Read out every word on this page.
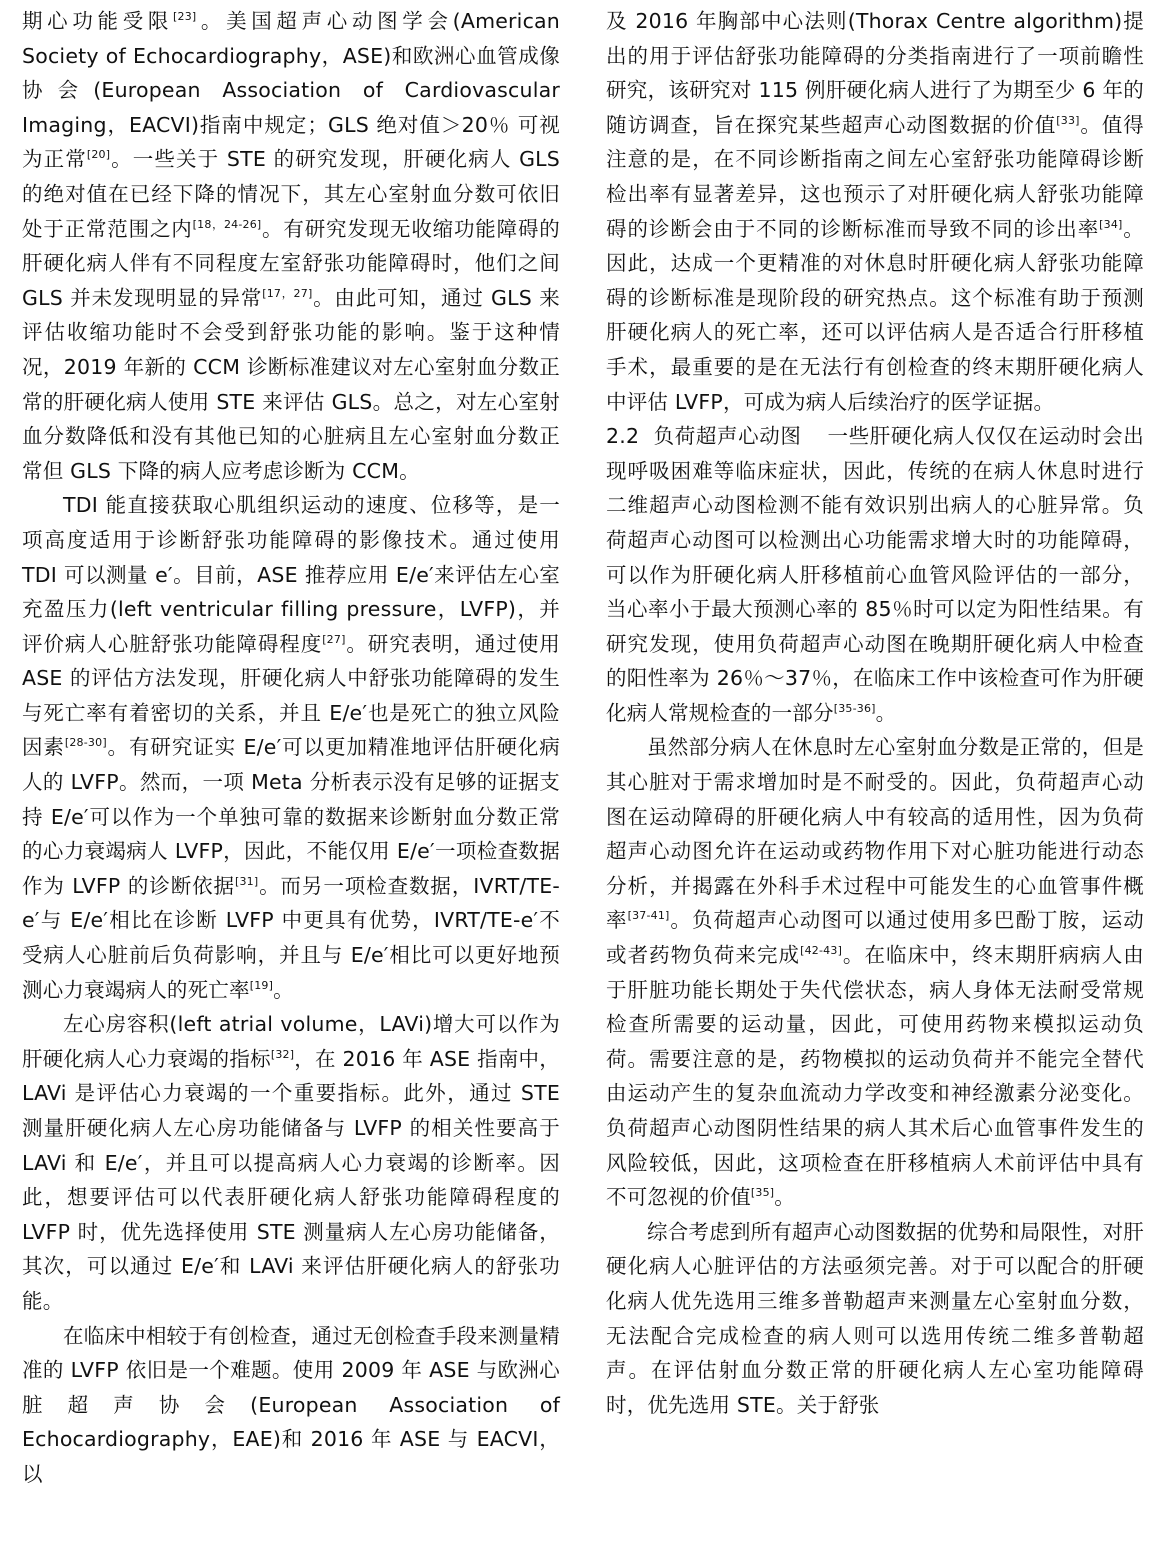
期心功能受限[23]。美国超声心动图学会(American Society of Echocardiography，ASE)和欧洲心血管成像协会(European Association of Cardiovascular Imaging，EACVI)指南中规定；GLS 绝对值＞20％ 可视为正常[20]。一些关于 STE 的研究发现，肝硬化病人 GLS 的绝对值在已经下降的情况下，其左心室射血分数可依旧处于正常范围之内[18，24-26]。有研究发现无收缩功能障碍的肝硬化病人伴有不同程度左室舒张功能障碍时，他们之间 GLS 并未发现明显的异常[17，27]。由此可知，通过 GLS 来评估收缩功能时不会受到舒张功能的影响。鉴于这种情况，2019 年新的 CCM 诊断标准建议对左心室射血分数正常的肝硬化病人使用 STE 来评估 GLS。总之，对左心室射血分数降低和没有其他已知的心脏病且左心室射血分数正常但 GLS 下降的病人应考虑诊断为 CCM。

TDI 能直接获取心肌组织运动的速度、位移等，是一项高度适用于诊断舒张功能障碍的影像技术。通过使用 TDI 可以测量 e′。目前，ASE 推荐应用 E/e′来评估左心室充盈压力(left ventricular filling pressure，LVFP)，并评价病人心脏舒张功能障碍程度[27]。研究表明，通过使用 ASE 的评估方法发现，肝硬化病人中舒张功能障碍的发生与死亡率有着密切的关系，并且 E/e′也是死亡的独立风险因素[28-30]。有研究证实 E/e′可以更加精准地评估肝硬化病人的 LVFP。然而，一项 Meta 分析表示没有足够的证据支持 E/e′可以作为一个单独可靠的数据来诊断射血分数正常的心力衰竭病人 LVFP，因此，不能仅用 E/e′一项检查数据作为 LVFP 的诊断依据[31]。而另一项检查数据，IVRT/TE-e′与 E/e′相比在诊断 LVFP 中更具有优势，IVRT/TE-e′不受病人心脏前后负荷影响，并且与 E/e′相比可以更好地预测心力衰竭病人的死亡率[19]。

左心房容积(left atrial volume，LAVi)增大可以作为肝硬化病人心力衰竭的指标[32]，在 2016 年 ASE 指南中，LAVi 是评估心力衰竭的一个重要指标。此外，通过 STE 测量肝硬化病人左心房功能储备与 LVFP 的相关性要高于 LAVi 和 E/e′，并且可以提高病人心力衰竭的诊断率。因此，想要评估可以代表肝硬化病人舒张功能障碍程度的 LVFP 时，优先选择使用 STE 测量病人左心房功能储备，其次，可以通过 E/e′和 LAVi 来评估肝硬化病人的舒张功能。

在临床中相较于有创检查，通过无创检查手段来测量精准的 LVFP 依旧是一个难题。使用 2009 年 ASE 与欧洲心脏超声协会(European Association of Echocardiography，EAE)和 2016 年 ASE 与 EACVI，以

及 2016 年胸部中心法则(Thorax Centre algorithm)提出的用于评估舒张功能障碍的分类指南进行了一项前瞻性研究，该研究对 115 例肝硬化病人进行了为期至少 6 年的随访调查，旨在探究某些超声心动图数据的价值[33]。值得注意的是，在不同诊断指南之间左心室舒张功能障碍诊断检出率有显著差异，这也预示了对肝硬化病人舒张功能障碍的诊断会由于不同的诊断标准而导致不同的诊出率[34]。因此，达成一个更精准的对休息时肝硬化病人舒张功能障碍的诊断标准是现阶段的研究热点。这个标准有助于预测肝硬化病人的死亡率，还可以评估病人是否适合行肝移植手术，最重要的是在无法行有创检查的终末期肝硬化病人中评估 LVFP，可成为病人后续治疗的医学证据。

2.2 负荷超声心动图 一些肝硬化病人仅仅在运动时会出现呼吸困难等临床症状，因此，传统的在病人休息时进行二维超声心动图检测不能有效识别出病人的心脏异常。负荷超声心动图可以检测出心功能需求增大时的功能障碍，可以作为肝硬化病人肝移植前心血管风险评估的一部分，当心率小于最大预测心率的 85％时可以定为阳性结果。有研究发现，使用负荷超声心动图在晚期肝硬化病人中检查的阳性率为 26％～37％，在临床工作中该检查可作为肝硬化病人常规检查的一部分[35-36]。

虽然部分病人在休息时左心室射血分数是正常的，但是其心脏对于需求增加时是不耐受的。因此，负荷超声心动图在运动障碍的肝硬化病人中有较高的适用性，因为负荷超声心动图允许在运动或药物作用下对心脏功能进行动态分析，并揭露在外科手术过程中可能发生的心血管事件概率[37-41]。负荷超声心动图可以通过使用多巴酚丁胺，运动或者药物负荷来完成[42-43]。在临床中，终末期肝病病人由于肝脏功能长期处于失代偿状态，病人身体无法耐受常规检查所需要的运动量，因此，可使用药物来模拟运动负荷。需要注意的是，药物模拟的运动负荷并不能完全替代由运动产生的复杂血流动力学改变和神经激素分泌变化。负荷超声心动图阴性结果的病人其术后心血管事件发生的风险较低，因此，这项检查在肝移植病人术前评估中具有不可忽视的价值[35]。

综合考虑到所有超声心动图数据的优势和局限性，对肝硬化病人心脏评估的方法亟须完善。对于可以配合的肝硬化病人优先选用三维多普勒超声来测量左心室射血分数，无法配合完成检查的病人则可以选用传统二维多普勒超声。在评估射血分数正常的肝硬化病人左心室功能障碍时，优先选用 STE。关于舒张
